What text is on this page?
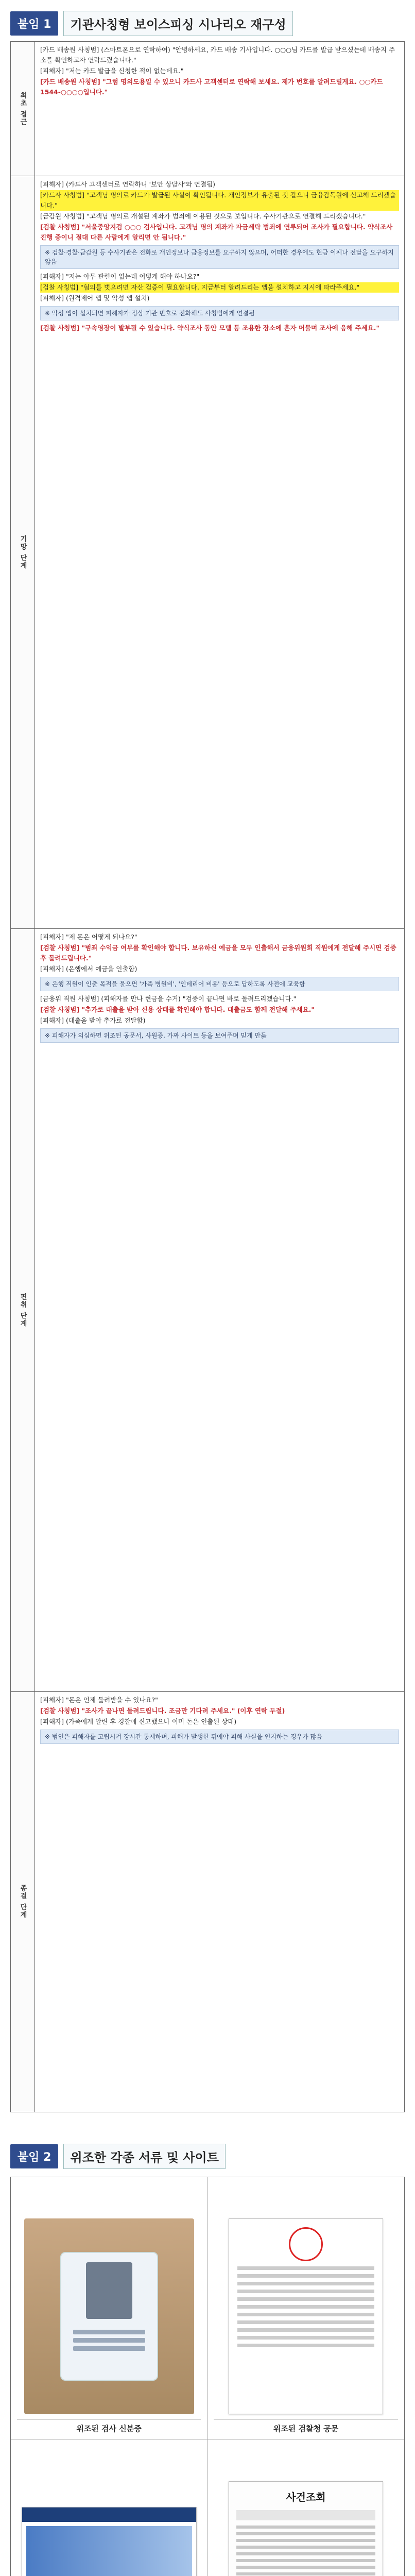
붙임 1	기관사칭형 보이스피싱 시나리오 재구성
최초 접근

[카드 배송원 사칭범] (스마트폰으로 연락하여) "안녕하세요, 카드 배송 기사입니다. ○○○님 카드를 발급 받으셨는데 배송지 주소를 확인하고자 연락드렸습니다."

[피해자] "저는 카드 발급을 신청한 적이 없는데요."

[카드 배송원 사칭범] "그럼 명의도용일 수 있으니 카드사 고객센터로 연락해 보세요. 제가 번호를 알려드릴게요. ○○카드 1544-○○○○입니다."

기망 단계

[피해자] (카드사 고객센터로 연락하니 '보안 상담사'와 연결됨)

[카드사 사칭범] "고객님 명의로 카드가 발급된 사실이 확인됩니다. 개인정보가 유출된 것 같으니 금융감독원에 신고해 드리겠습니다."

[금감원 사칭범] "고객님 명의로 개설된 계좌가 범죄에 이용된 것으로 보입니다. 수사기관으로 연결해 드리겠습니다."

[검찰 사칭범] "서울중앙지검 ○○○ 검사입니다. 고객님 명의 계좌가 자금세탁 범죄에 연루되어 조사가 필요합니다. 약식조사 진행 중이니 절대 다른 사람에게 알리면 안 됩니다."

※ 검찰·경찰·금감원 등 수사기관은 전화로 개인정보나 금융정보를 요구하지 않으며, 어떠한 경우에도 현금 이체나 전달을 요구하지 않음

[피해자] "저는 아무 관련이 없는데 어떻게 해야 하나요?"

[검찰 사칭범] "혐의를 벗으려면 자산 검증이 필요합니다. 지금부터 알려드리는 앱을 설치하고 지시에 따라주세요."

[피해자] (원격제어 앱 및 악성 앱 설치)

※ 악성 앱이 설치되면 피해자가 정상 기관 번호로 전화해도 사칭범에게 연결됨

[검찰 사칭범] "구속영장이 발부될 수 있습니다. 약식조사 동안 모텔 등 조용한 장소에 혼자 머물며 조사에 응해 주세요."

편취 단계

[피해자] "제 돈은 어떻게 되나요?"

[검찰 사칭범] "범죄 수익금 여부를 확인해야 합니다. 보유하신 예금을 모두 인출해서 금융위원회 직원에게 전달해 주시면 검증 후 돌려드립니다."

[피해자] (은행에서 예금을 인출함)

※ 은행 직원이 인출 목적을 물으면 '가족 병원비', '인테리어 비용' 등으로 답하도록 사전에 교육함

[금융위 직원 사칭범] (피해자를 만나 현금을 수거) "검증이 끝나면 바로 돌려드리겠습니다."

[검찰 사칭범] "추가로 대출을 받아 신용 상태를 확인해야 합니다. 대출금도 함께 전달해 주세요."

[피해자] (대출을 받아 추가로 전달함)

※ 피해자가 의심하면 위조된 공문서, 사원증, 가짜 사이트 등을 보여주며 믿게 만듦
종결 단계

[피해자] "돈은 언제 돌려받을 수 있나요?"

[검찰 사칭범] "조사가 끝나면 돌려드립니다. 조금만 기다려 주세요." (이후 연락 두절)

[피해자] (가족에게 알린 후 경찰에 신고했으나 이미 돈은 인출된 상태)

※ 범인은 피해자를 고립시켜 장시간 통제하며, 피해가 발생한 뒤에야 피해 사실을 인지하는 경우가 많음
붙임 2	위조한 각종 서류 및 사이트
위조된 검사 신분증	위조된 검찰청 공문
사건조회
